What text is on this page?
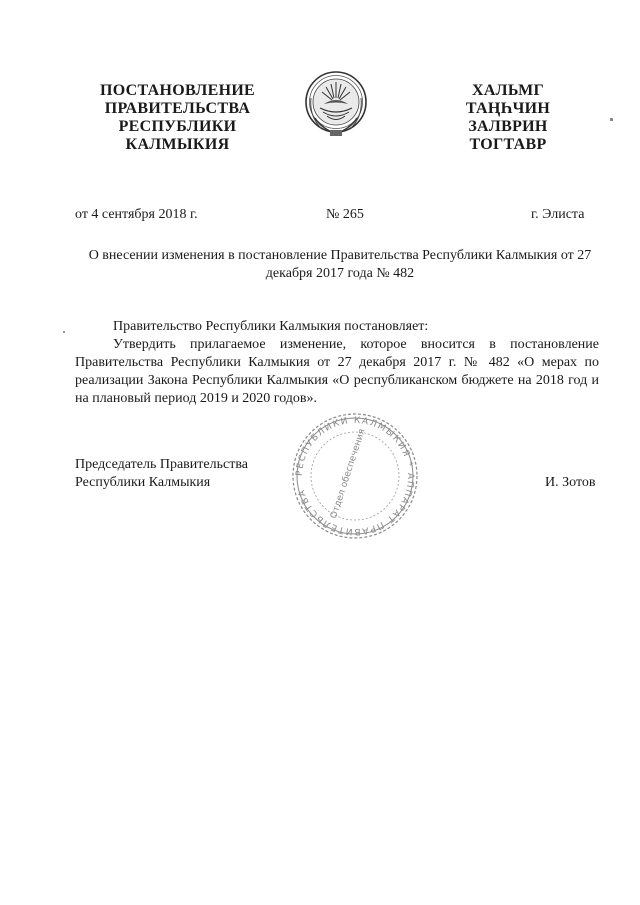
ПОСТАНОВЛЕНИЕ
ПРАВИТЕЛЬСТВА
РЕСПУБЛИКИ
КАЛМЫКИЯ
ХАЛЬМГ
ТАҢҺЧИН
ЗАЛВРИН
ТОГТАВР
от 4 сентября 2018 г.	№ 265	г. Элиста
О внесении изменения в постановление Правительства Республики Калмыкия от 27 декабря 2017 года № 482

Правительство Республики Калмыкия постановляет:

Утвердить прилагаемое изменение, которое вносится в постановление Правительства Республики Калмыкия от 27 декабря 2017 г. № 482 «О мерах по реализации Закона Республики Калмыкия «О республиканском бюджете на 2018 год и на плановый период 2019 и 2020 годов».

Председатель Правительства
Республики Калмыкия
РЕСПУБЛИКИ КАЛМЫКИЯ * АППАРАТ ПРАВИТЕЛЬСТВА	Отдел обеспечения	И. Зотов
